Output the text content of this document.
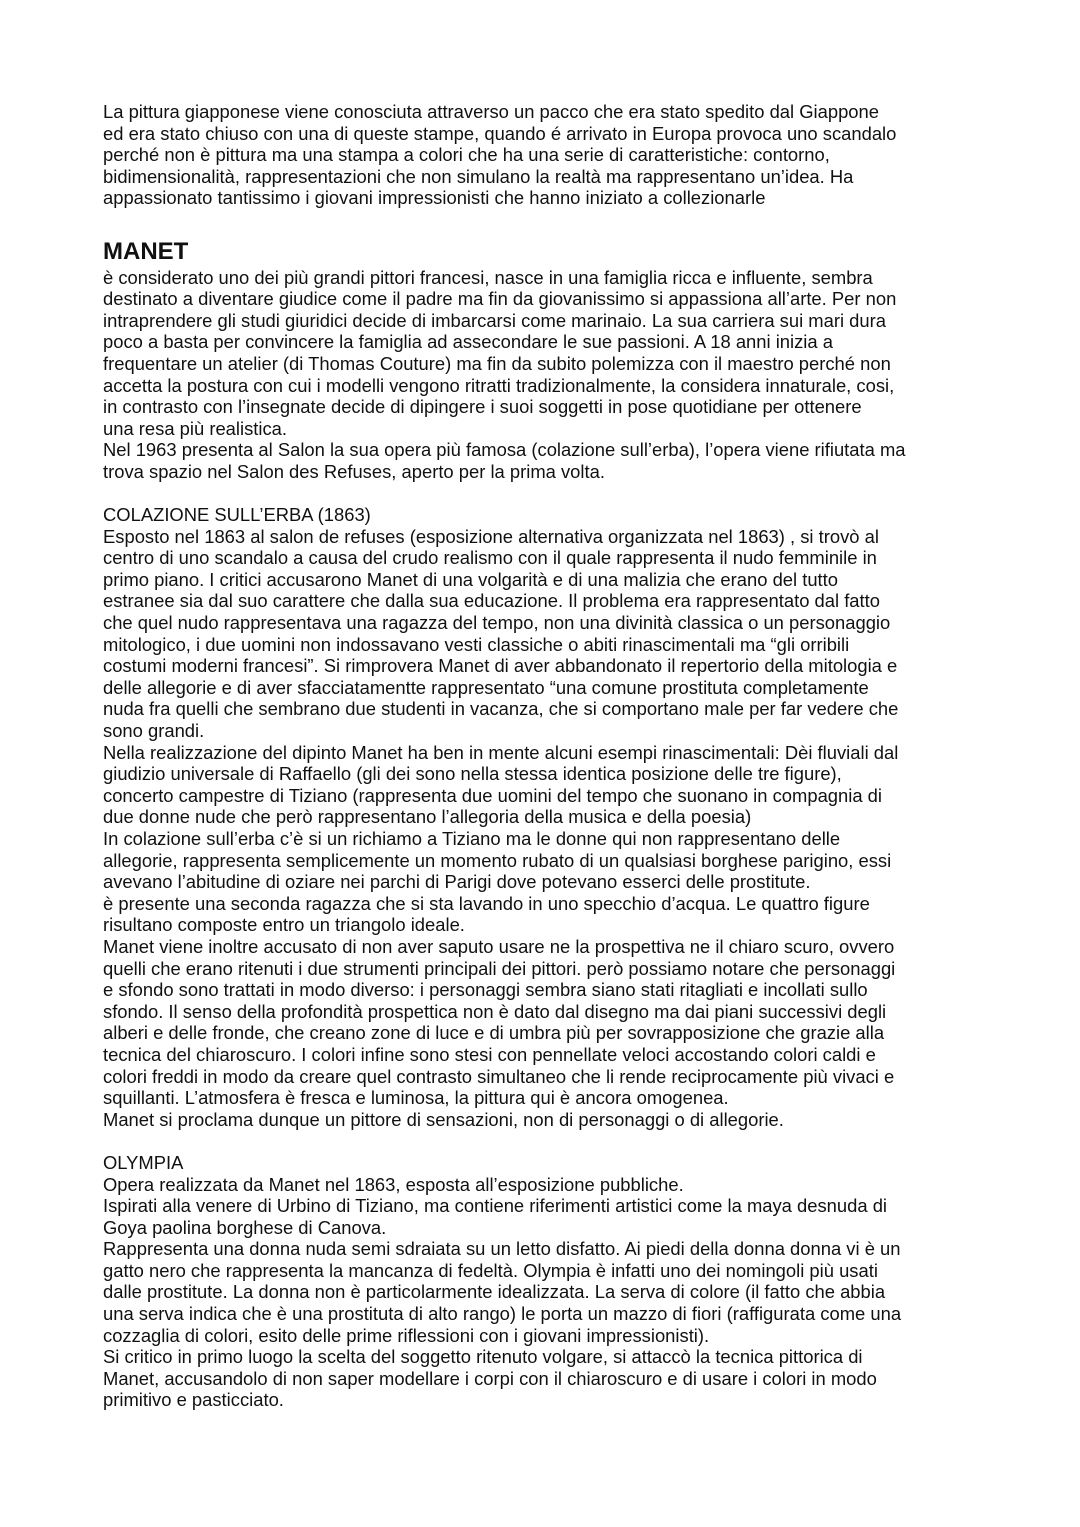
La pittura giapponese viene conosciuta attraverso un pacco che era stato spedito dal Giappone
ed era stato chiuso con una di queste stampe, quando é arrivato in Europa provoca uno scandalo
perché non è pittura ma una stampa a colori che ha una serie di caratteristiche: contorno,
bidimensionalità, rappresentazioni che non simulano la realtà ma rappresentano un’idea. Ha
appassionato tantissimo i giovani impressionisti che hanno iniziato a collezionarle
MANET
è considerato uno dei più grandi pittori francesi, nasce in una famiglia ricca e influente, sembra
destinato a diventare giudice come il padre ma fin da giovanissimo si appassiona all’arte. Per non
intraprendere gli studi giuridici decide di imbarcarsi come marinaio. La sua carriera sui mari dura
poco a basta per convincere la famiglia ad assecondare le sue passioni. A 18 anni inizia a
frequentare un atelier (di Thomas Couture) ma fin da subito polemizza con il maestro perché non
accetta la postura con cui i modelli vengono ritratti tradizionalmente, la considera innaturale, cosi,
in contrasto con l’insegnate decide di dipingere i suoi soggetti in pose quotidiane per ottenere
una resa più realistica.
Nel 1963 presenta al Salon la sua opera più famosa (colazione sull’erba), l’opera viene rifiutata ma
trova spazio nel Salon des Refuses, aperto per la prima volta.
COLAZIONE SULL’ERBA (1863)
Esposto nel 1863 al salon de refuses (esposizione alternativa organizzata nel 1863) , si trovò al
centro di uno scandalo a causa del crudo realismo con il quale rappresenta il nudo femminile in
primo piano. I critici accusarono Manet di una volgarità e di una malizia che erano del tutto
estranee sia dal suo carattere che dalla sua educazione. Il problema era rappresentato dal fatto
che quel nudo rappresentava una ragazza del tempo, non una divinità classica o un personaggio
mitologico, i due uomini non indossavano vesti classiche o abiti rinascimentali ma “gli orribili
costumi moderni francesi”. Si rimprovera Manet di aver abbandonato il repertorio della mitologia e
delle allegorie e di aver sfacciatamentte rappresentato “una comune prostituta completamente
nuda fra quelli che sembrano due studenti in vacanza, che si comportano male per far vedere che
sono grandi.
Nella realizzazione del dipinto Manet ha ben in mente alcuni esempi rinascimentali: Dèi fluviali dal
giudizio universale di Raffaello (gli dei sono nella stessa identica posizione delle tre figure),
concerto campestre di Tiziano (rappresenta due uomini del tempo che suonano in compagnia di
due donne nude che però rappresentano l’allegoria della musica e della poesia)
In colazione sull’erba c’è si un richiamo a Tiziano ma le donne qui non rappresentano delle
allegorie, rappresenta semplicemente un momento rubato di un qualsiasi borghese parigino, essi
avevano l’abitudine di oziare nei parchi di Parigi dove potevano esserci delle prostitute.
è presente una seconda ragazza che si sta lavando in uno specchio d’acqua. Le quattro figure
risultano composte entro un triangolo ideale.
Manet viene inoltre accusato di non aver saputo usare ne la prospettiva ne il chiaro scuro, ovvero
quelli che erano ritenuti i due strumenti principali dei pittori. però possiamo notare che personaggi
e sfondo sono trattati in modo diverso: i personaggi sembra siano stati ritagliati e incollati sullo
sfondo. Il senso della profondità prospettica non è dato dal disegno ma dai piani successivi degli
alberi e delle fronde, che creano zone di luce e di umbra più per sovrapposizione che grazie alla
tecnica del chiaroscuro. I colori infine sono stesi con pennellate veloci accostando colori caldi e
colori freddi in modo da creare quel contrasto simultaneo che li rende reciprocamente più vivaci e
squillanti. L’atmosfera è fresca e luminosa, la pittura qui è ancora omogenea.
Manet si proclama dunque un pittore di sensazioni, non di personaggi o di allegorie.
OLYMPIA
Opera realizzata da Manet nel 1863, esposta all’esposizione pubbliche.
Ispirati alla venere di Urbino di Tiziano, ma contiene riferimenti artistici come la maya desnuda di
Goya paolina borghese di Canova.
Rappresenta una donna nuda semi sdraiata su un letto disfatto. Ai piedi della donna donna vi è un
gatto nero che rappresenta la mancanza di fedeltà. Olympia è infatti uno dei nomingoli più usati
dalle prostitute. La donna non è particolarmente idealizzata. La serva di colore (il fatto che abbia
una serva indica che è una prostituta di alto rango) le porta un mazzo di fiori (raffigurata come una
cozzaglia di colori, esito delle prime riflessioni con i giovani impressionisti).
Si critico in primo luogo la scelta del soggetto ritenuto volgare, si attaccò la tecnica pittorica di
Manet, accusandolo di non saper modellare i corpi con il chiaroscuro e di usare i colori in modo
primitivo e pasticciato.
